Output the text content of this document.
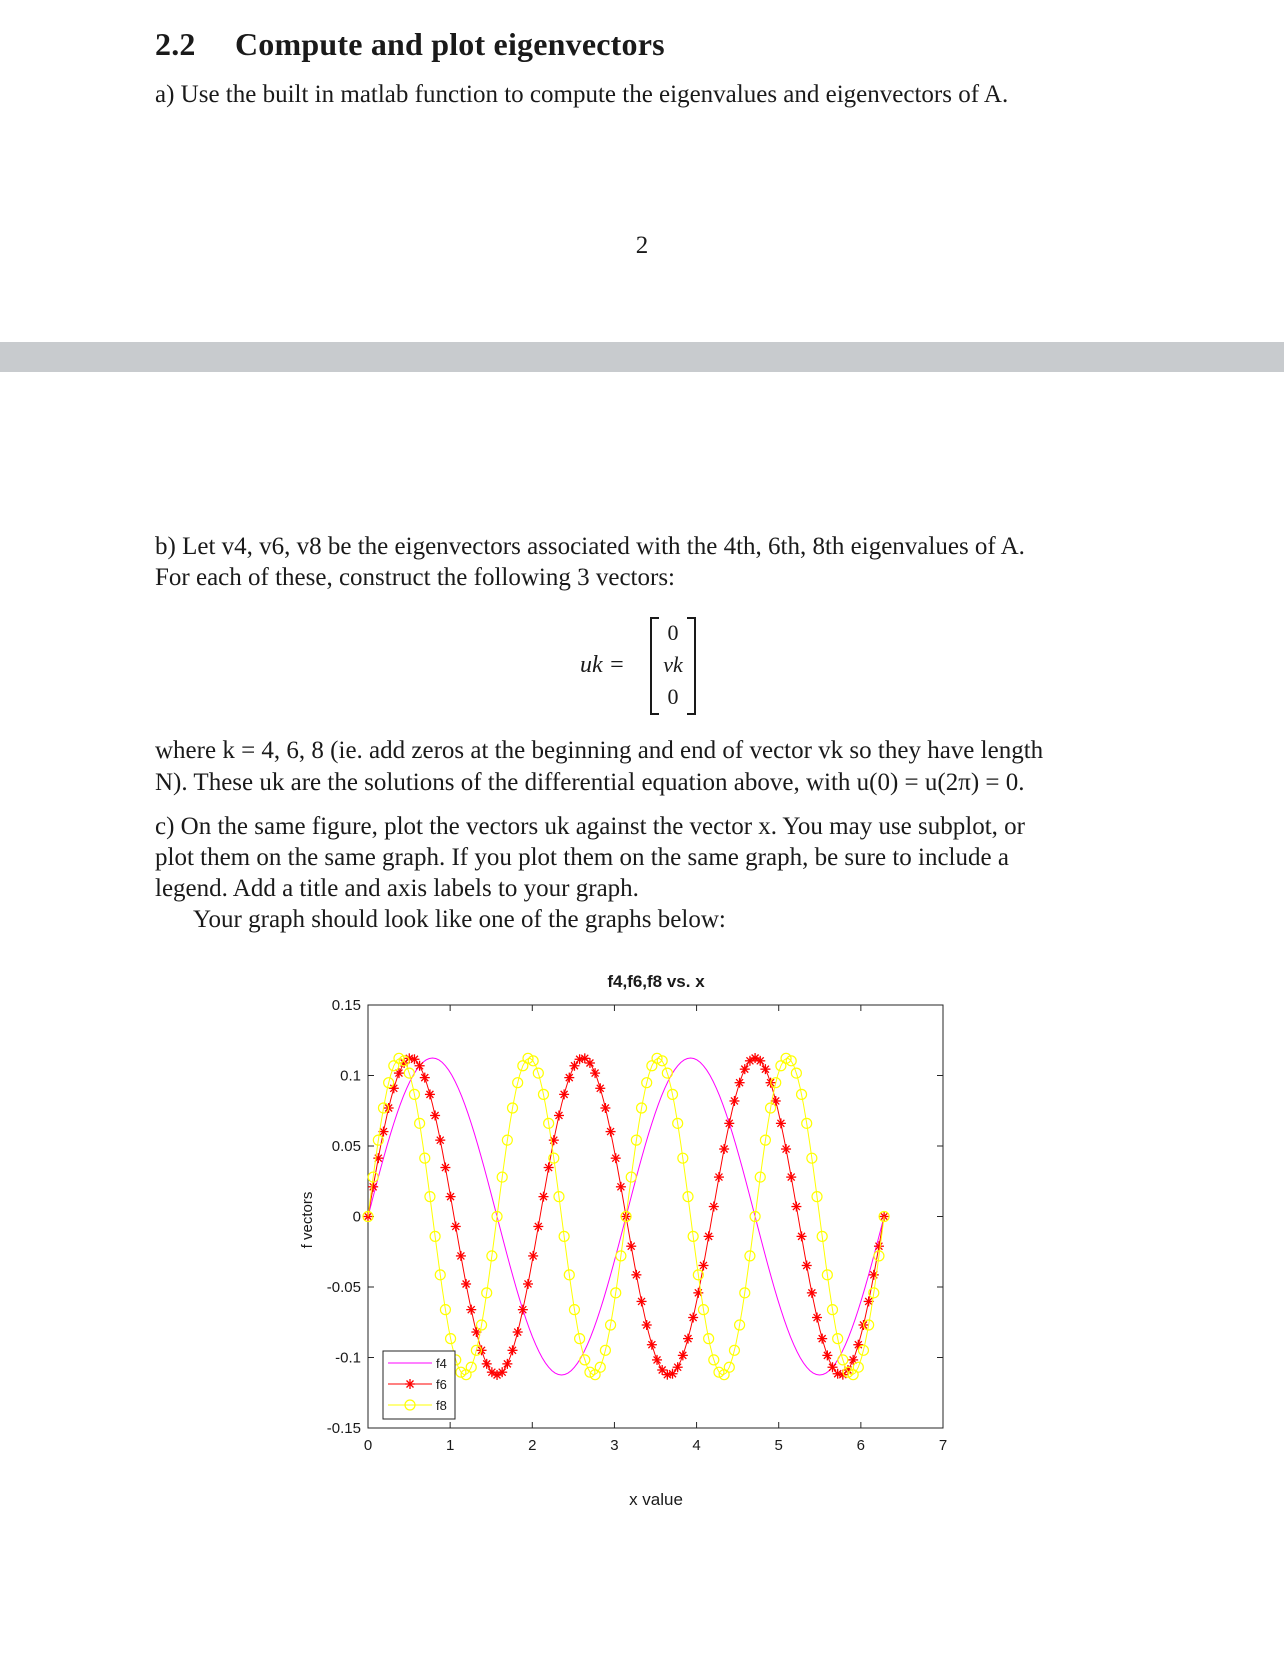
2.2 Compute and plot eigenvectors
a) Use the built in matlab function to compute the eigenvalues and eigenvectors of A.
2
b) Let v4, v6, v8 be the eigenvectors associated with the 4th, 6th, 8th eigenvalues of A.
For each of these, construct the following 3 vectors:
uk =
0
vk
0
where k = 4, 6, 8 (ie. add zeros at the beginning and end of vector vk so they have length
N). These uk are the solutions of the differential equation above, with u(0) = u(2π) = 0.
c) On the same figure, plot the vectors uk against the vector x. You may use subplot, or
plot them on the same graph. If you plot them on the same graph, be sure to include a
legend. Add a title and axis labels to your graph.
Your graph should look like one of the graphs below:
f4,f6,f8 vs. x
0.15
0.1
0.05
0
-0.05
-0.1
-0.15
0	1	2	3	4	5	6	7
x value
f vectors
f4
f6
f8
